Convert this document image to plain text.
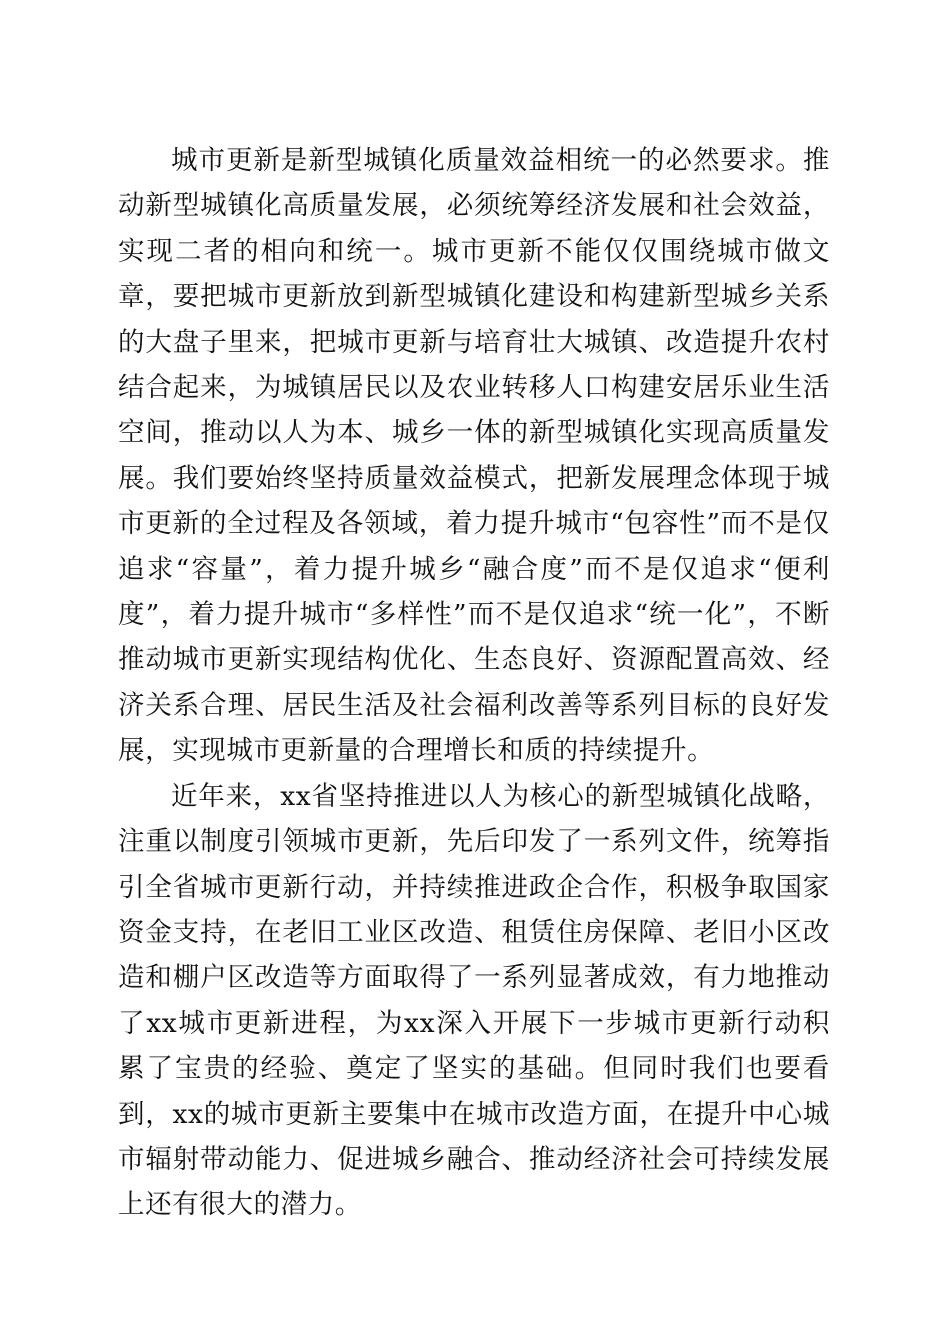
城市更新是新型城镇化质量效益相统一的必然要求。推动新型城镇化高质量发展，必须统筹经济发展和社会效益，实现二者的相向和统一。城市更新不能仅仅围绕城市做文章，要把城市更新放到新型城镇化建设和构建新型城乡关系的大盘子里来，把城市更新与培育壮大城镇、改造提升农村结合起来，为城镇居民以及农业转移人口构建安居乐业生活空间，推动以人为本、城乡一体的新型城镇化实现高质量发展。我们要始终坚持质量效益模式，把新发展理念体现于城市更新的全过程及各领域，着力提升城市“包容性”而不是仅追求“容量”，着力提升城乡“融合度”而不是仅追求“便利度”，着力提升城市“多样性”而不是仅追求“统一化”，不断推动城市更新实现结构优化、生态良好、资源配置高效、经济关系合理、居民生活及社会福利改善等系列目标的良好发展，实现城市更新量的合理增长和质的持续提升。

近年来，xx省坚持推进以人为核心的新型城镇化战略，注重以制度引领城市更新，先后印发了一系列文件，统筹指引全省城市更新行动，并持续推进政企合作，积极争取国家资金支持，在老旧工业区改造、租赁住房保障、老旧小区改造和棚户区改造等方面取得了一系列显著成效，有力地推动了xx城市更新进程，为xx深入开展下一步城市更新行动积累了宝贵的经验、奠定了坚实的基础。但同时我们也要看到，xx的城市更新主要集中在城市改造方面，在提升中心城市辐射带动能力、促进城乡融合、推动经济社会可持续发展上还有很大的潜力。
